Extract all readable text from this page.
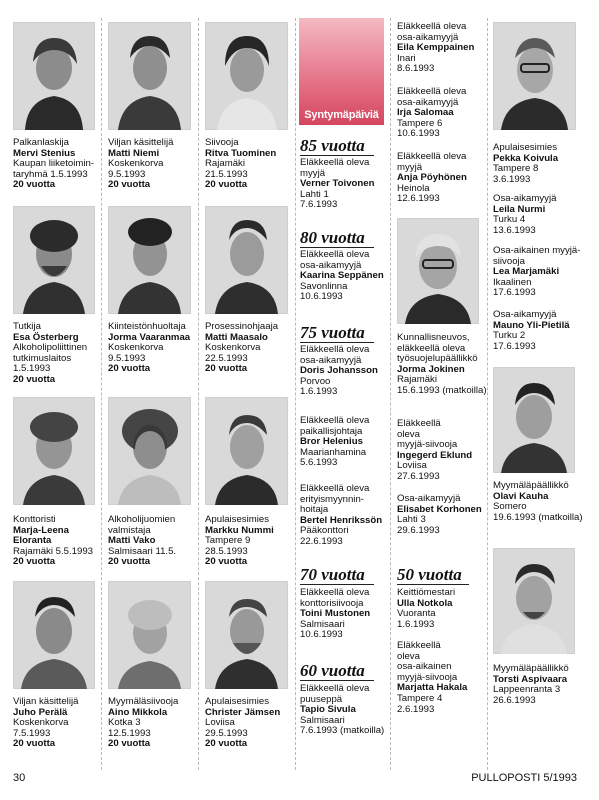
Palkanlaskija
Mervi Stenius
Kaupan liiketoimin-
taryhmä 1.5.1993
20 vuotta
Viljan käsittelijä
Matti Niemi
Koskenkorva
9.5.1993
20 vuotta
Siivooja
Ritva Tuominen
Rajamäki
21.5.1993
20 vuotta
Tutkija
Esa Österberg
Alkoholipoliittinen
tutkimuslaitos
1.5.1993
20 vuotta
Kiinteistönhuoltaja
Jorma Vaaranmaa
Koskenkorva
9.5.1993
20 vuotta
Prosessinohjaaja
Matti Maasalo
Koskenkorva
22.5.1993
20 vuotta
Konttoristi
Marja-Leena
Eloranta
Rajamäki 5.5.1993
20 vuotta
Alkoholijuomien
valmistaja
Matti Vako
Salmisaari 11.5.
20 vuotta
Apulaisesimies
Markku Nummi
Tampere 9
28.5.1993
20 vuotta
Viljan käsittelijä
Juho Perälä
Koskenkorva
7.5.1993
20 vuotta
Myymäläsiivooja
Aino Mikkola
Kotka 3
12.5.1993
20 vuotta
Apulaisesimies
Christer Jämsen
Loviisa
29.5.1993
20 vuotta
Syntymäpäiviä
85 vuotta
Eläkkeellä oleva
myyjä
Verner Toivonen
Lahti 1
7.6.1993
80 vuotta
Eläkkeellä oleva
osa-aikamyyjä
Kaarina Seppänen
Savonlinna
10.6.1993
75 vuotta
Eläkkeellä oleva
osa-aikamyyjä
Doris Johansson
Porvoo
1.6.1993
Eläkkeellä oleva
paikallisjohtaja
Bror Helenius
Maarianhamina
5.6.1993
Eläkkeellä oleva
erityismyynnin-
hoitaja
Bertel Henrikssön
Pääkonttori
22.6.1993
70 vuotta
Eläkkeellä oleva
konttorisiivooja
Toini Mustonen
Salmisaari
10.6.1993
60 vuotta
Eläkkeellä oleva
puuseppä
Tapio Sivula
Salmisaari
7.6.1993 (matkoilla)
Eläkkeellä oleva
osa-aikamyyjä
Eila Kemppainen
Inari
8.6.1993
Eläkkeellä oleva
osa-aikamyyjä
Irja Salomaa
Tampere 6
10.6.1993
Eläkkeellä oleva
myyjä
Anja Pöyhönen
Heinola
12.6.1993
Kunnallisneuvos,
eläkkeellä oleva
työsuojelupäällikkö
Jorma Jokinen
Rajamäki
15.6.1993 (matkoilla)
Eläkkeellä
oleva
myyjä-siivooja
Ingegerd Eklund
Loviisa
27.6.1993
Osa-aikamyyjä
Elisabet Korhonen
Lahti 3
29.6.1993
50 vuotta
Keittiömestari
Ulla Notkola
Vuoranta
1.6.1993
Eläkkeellä
oleva
osa-aikainen
myyjä-siivooja
Marjatta Hakala
Tampere 4
2.6.1993
Apulaisesimies
Pekka Koivula
Tampere 8
3.6.1993
Osa-aikamyyjä
Leila Nurmi
Turku 4
13.6.1993
Osa-aikainen myyjä-
siivooja
Lea Marjamäki
Ikaalinen
17.6.1993
Osa-aikamyyjä
Mauno Yli-Pietilä
Turku 2
17.6.1993
Myymäläpäällikkö
Olavi Kauha
Somero
19.6.1993 (matkoilla)
Myymäläpäällikkö
Torsti Aspivaara
Lappeenranta 3
26.6.1993
30	PULLOPOSTI 5/1993
